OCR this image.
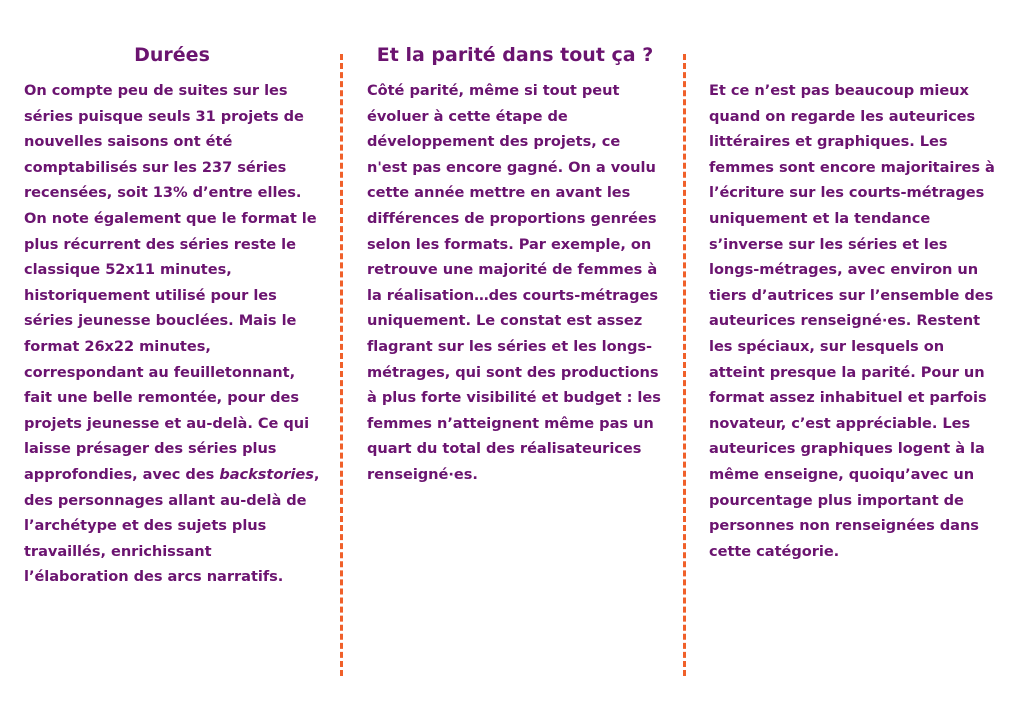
Durées

On compte peu de suites sur les séries puisque seuls 31 projets de nouvelles saisons ont été comptabilisés sur les 237 séries recensées, soit 13% d’entre elles. On note également que le format le plus récurrent des séries reste le classique 52x11 minutes, historiquement utilisé pour les séries jeunesse bouclées. Mais le format 26x22 minutes, correspondant au feuilletonnant, fait une belle remontée, pour des projets jeunesse et au-delà. Ce qui laisse présager des séries plus approfondies, avec des backstories, des personnages allant au-delà de l’archétype et des sujets plus travaillés, enrichissant l’élaboration des arcs narratifs.

Et la parité dans tout ça ?

Côté parité, même si tout peut évoluer à cette étape de développement des projets, ce n'est pas encore gagné. On a voulu cette année mettre en avant les différences de proportions genrées selon les formats. Par exemple, on retrouve une majorité de femmes à la réalisation…des courts-métrages uniquement. Le constat est assez flagrant sur les séries et les longs-métrages, qui sont des productions à plus forte visibilité et budget : les femmes n’atteignent même pas un quart du total des réalisateurices renseigné·es.

Et ce n’est pas beaucoup mieux quand on regarde les auteurices littéraires et graphiques. Les femmes sont encore majoritaires à l’écriture sur les courts-métrages uniquement et la tendance s’inverse sur les séries et les longs-métrages, avec environ un tiers d’autrices sur l’ensemble des auteurices renseigné·es. Restent les spéciaux, sur lesquels on atteint presque la parité. Pour un format assez inhabituel et parfois novateur, c’est appréciable. Les auteurices graphiques logent à la même enseigne, quoiqu’avec un pourcentage plus important de personnes non renseignées dans cette catégorie.
